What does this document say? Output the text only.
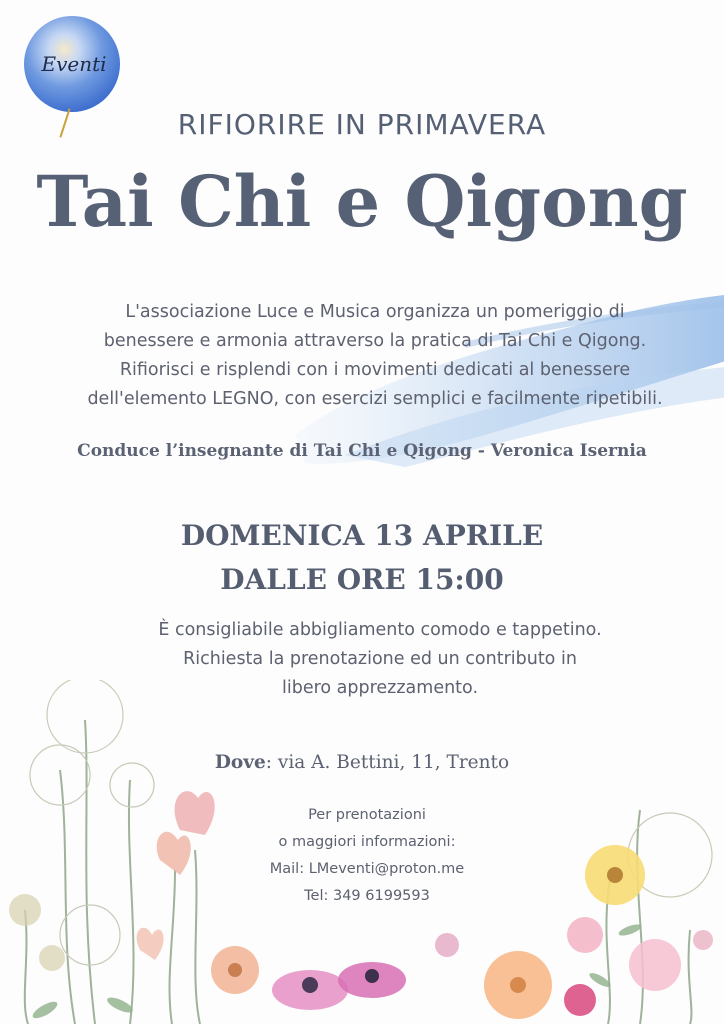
Eventi
RIFIORIRE IN PRIMAVERA
Tai Chi e Qigong
L'associazione Luce e Musica organizza un pomeriggio di
benessere e armonia attraverso la pratica di Tai Chi e Qigong.
Rifiorisci e risplendi con i movimenti dedicati al benessere
dell'elemento LEGNO, con esercizi semplici e facilmente ripetibili.
Conduce l’insegnante di Tai Chi e Qigong - Veronica Isernia
DOMENICA 13 APRILE
DALLE ORE 15:00
È consigliabile abbigliamento comodo e tappetino.
Richiesta la prenotazione ed un contributo in
libero apprezzamento.
Dove: via A. Bettini, 11, Trento
Per prenotazioni
o maggiori informazioni:
Mail: LMeventi@proton.me
Tel: 349 6199593
